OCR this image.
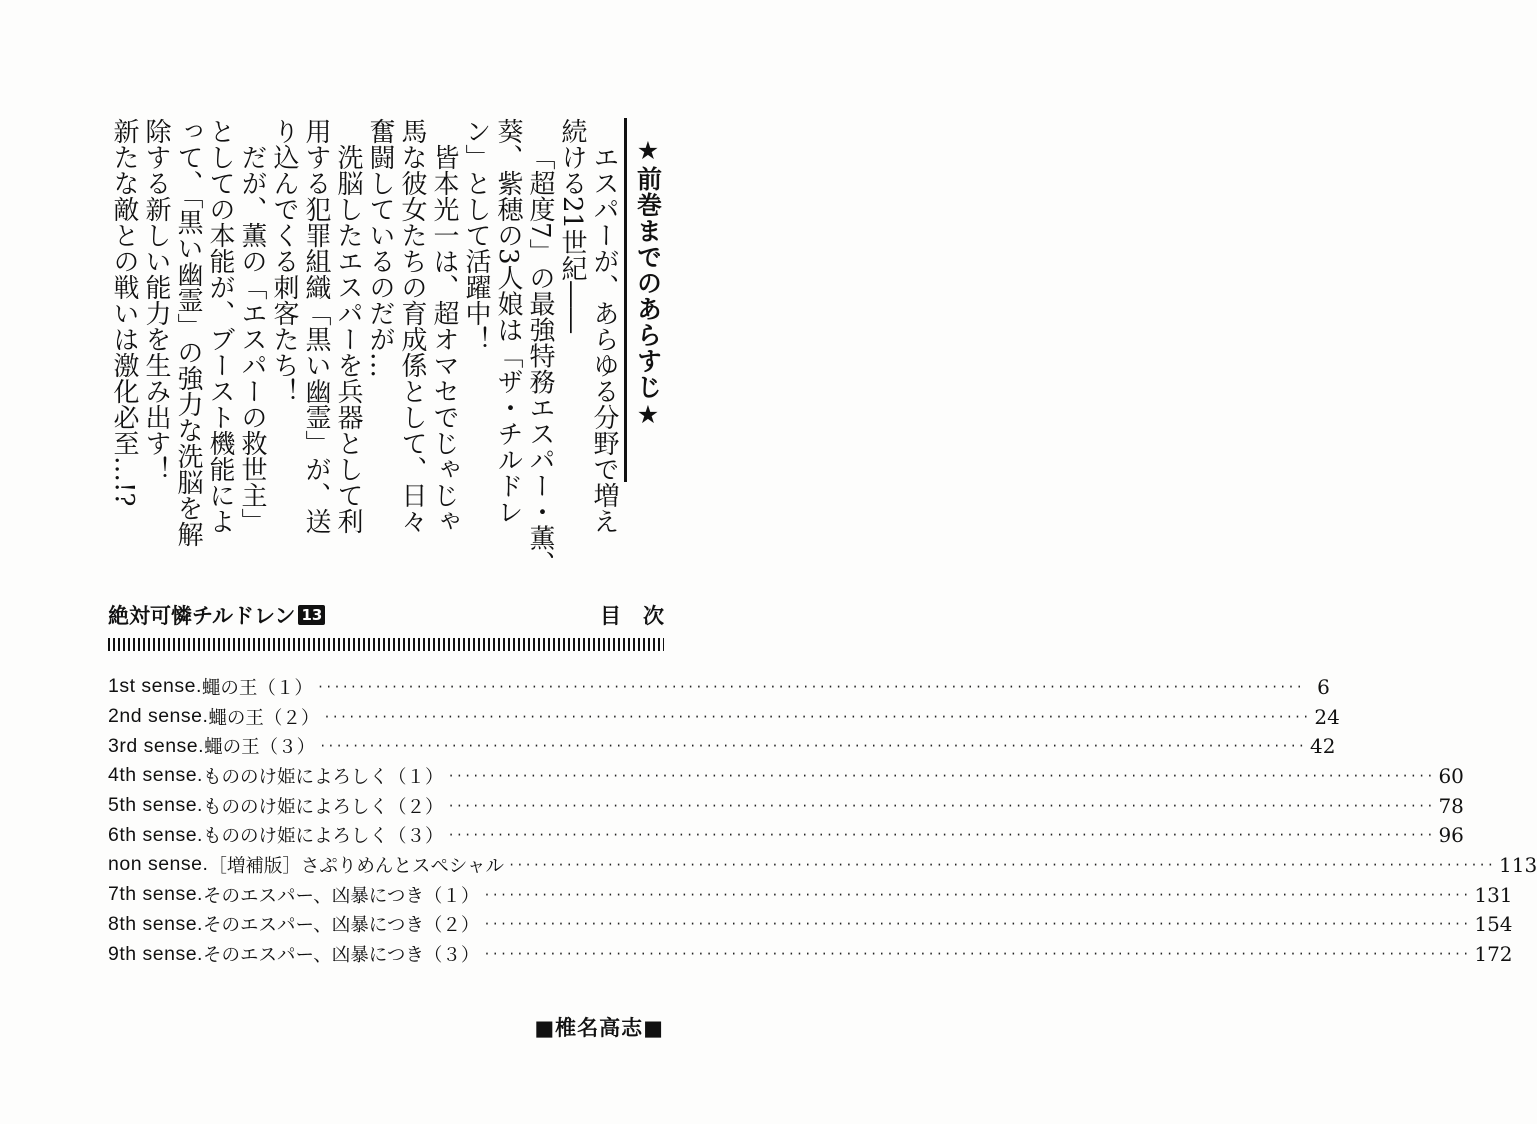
★前巻までのあらすじ★
エスパーが、あらゆる分野で増え
続ける21世紀――
「超度7」の最強特務エスパー・薫、
葵、紫穂の3人娘は「ザ・チルドレ
ン」として活躍中！
皆本光一は、超オマセでじゃじゃ
馬な彼女たちの育成係として、日々
奮闘しているのだが…
洗脳したエスパーを兵器として利
用する犯罪組織「黒い幽霊」が、送
り込んでくる刺客たち！
だが、薫の「エスパーの救世主」
としての本能が、ブースト機能によ
って、「黒い幽霊」の強力な洗脳を解
除する新しい能力を生み出す！
新たな敵との戦いは激化必至…!?
絶対可憐チルドレン 13	目次
1st sense. 蠅の王（１） ························································································································ 6
2nd sense. 蠅の王（２） ························································································································ 24
3rd sense. 蠅の王（３） ························································································································ 42
4th sense. もののけ姫によろしく（１） ························································································································ 60
5th sense. もののけ姫によろしく（２） ························································································································ 78
6th sense. もののけ姫によろしく（３） ························································································································ 96
non sense. ［増補版］さぷりめんとスペシャル ························································································································ 113
7th sense. そのエスパー、凶暴につき（１） ························································································································ 131
8th sense. そのエスパー、凶暴につき（２） ························································································································ 154
9th sense. そのエスパー、凶暴につき（３） ························································································································ 172
■椎名高志■
